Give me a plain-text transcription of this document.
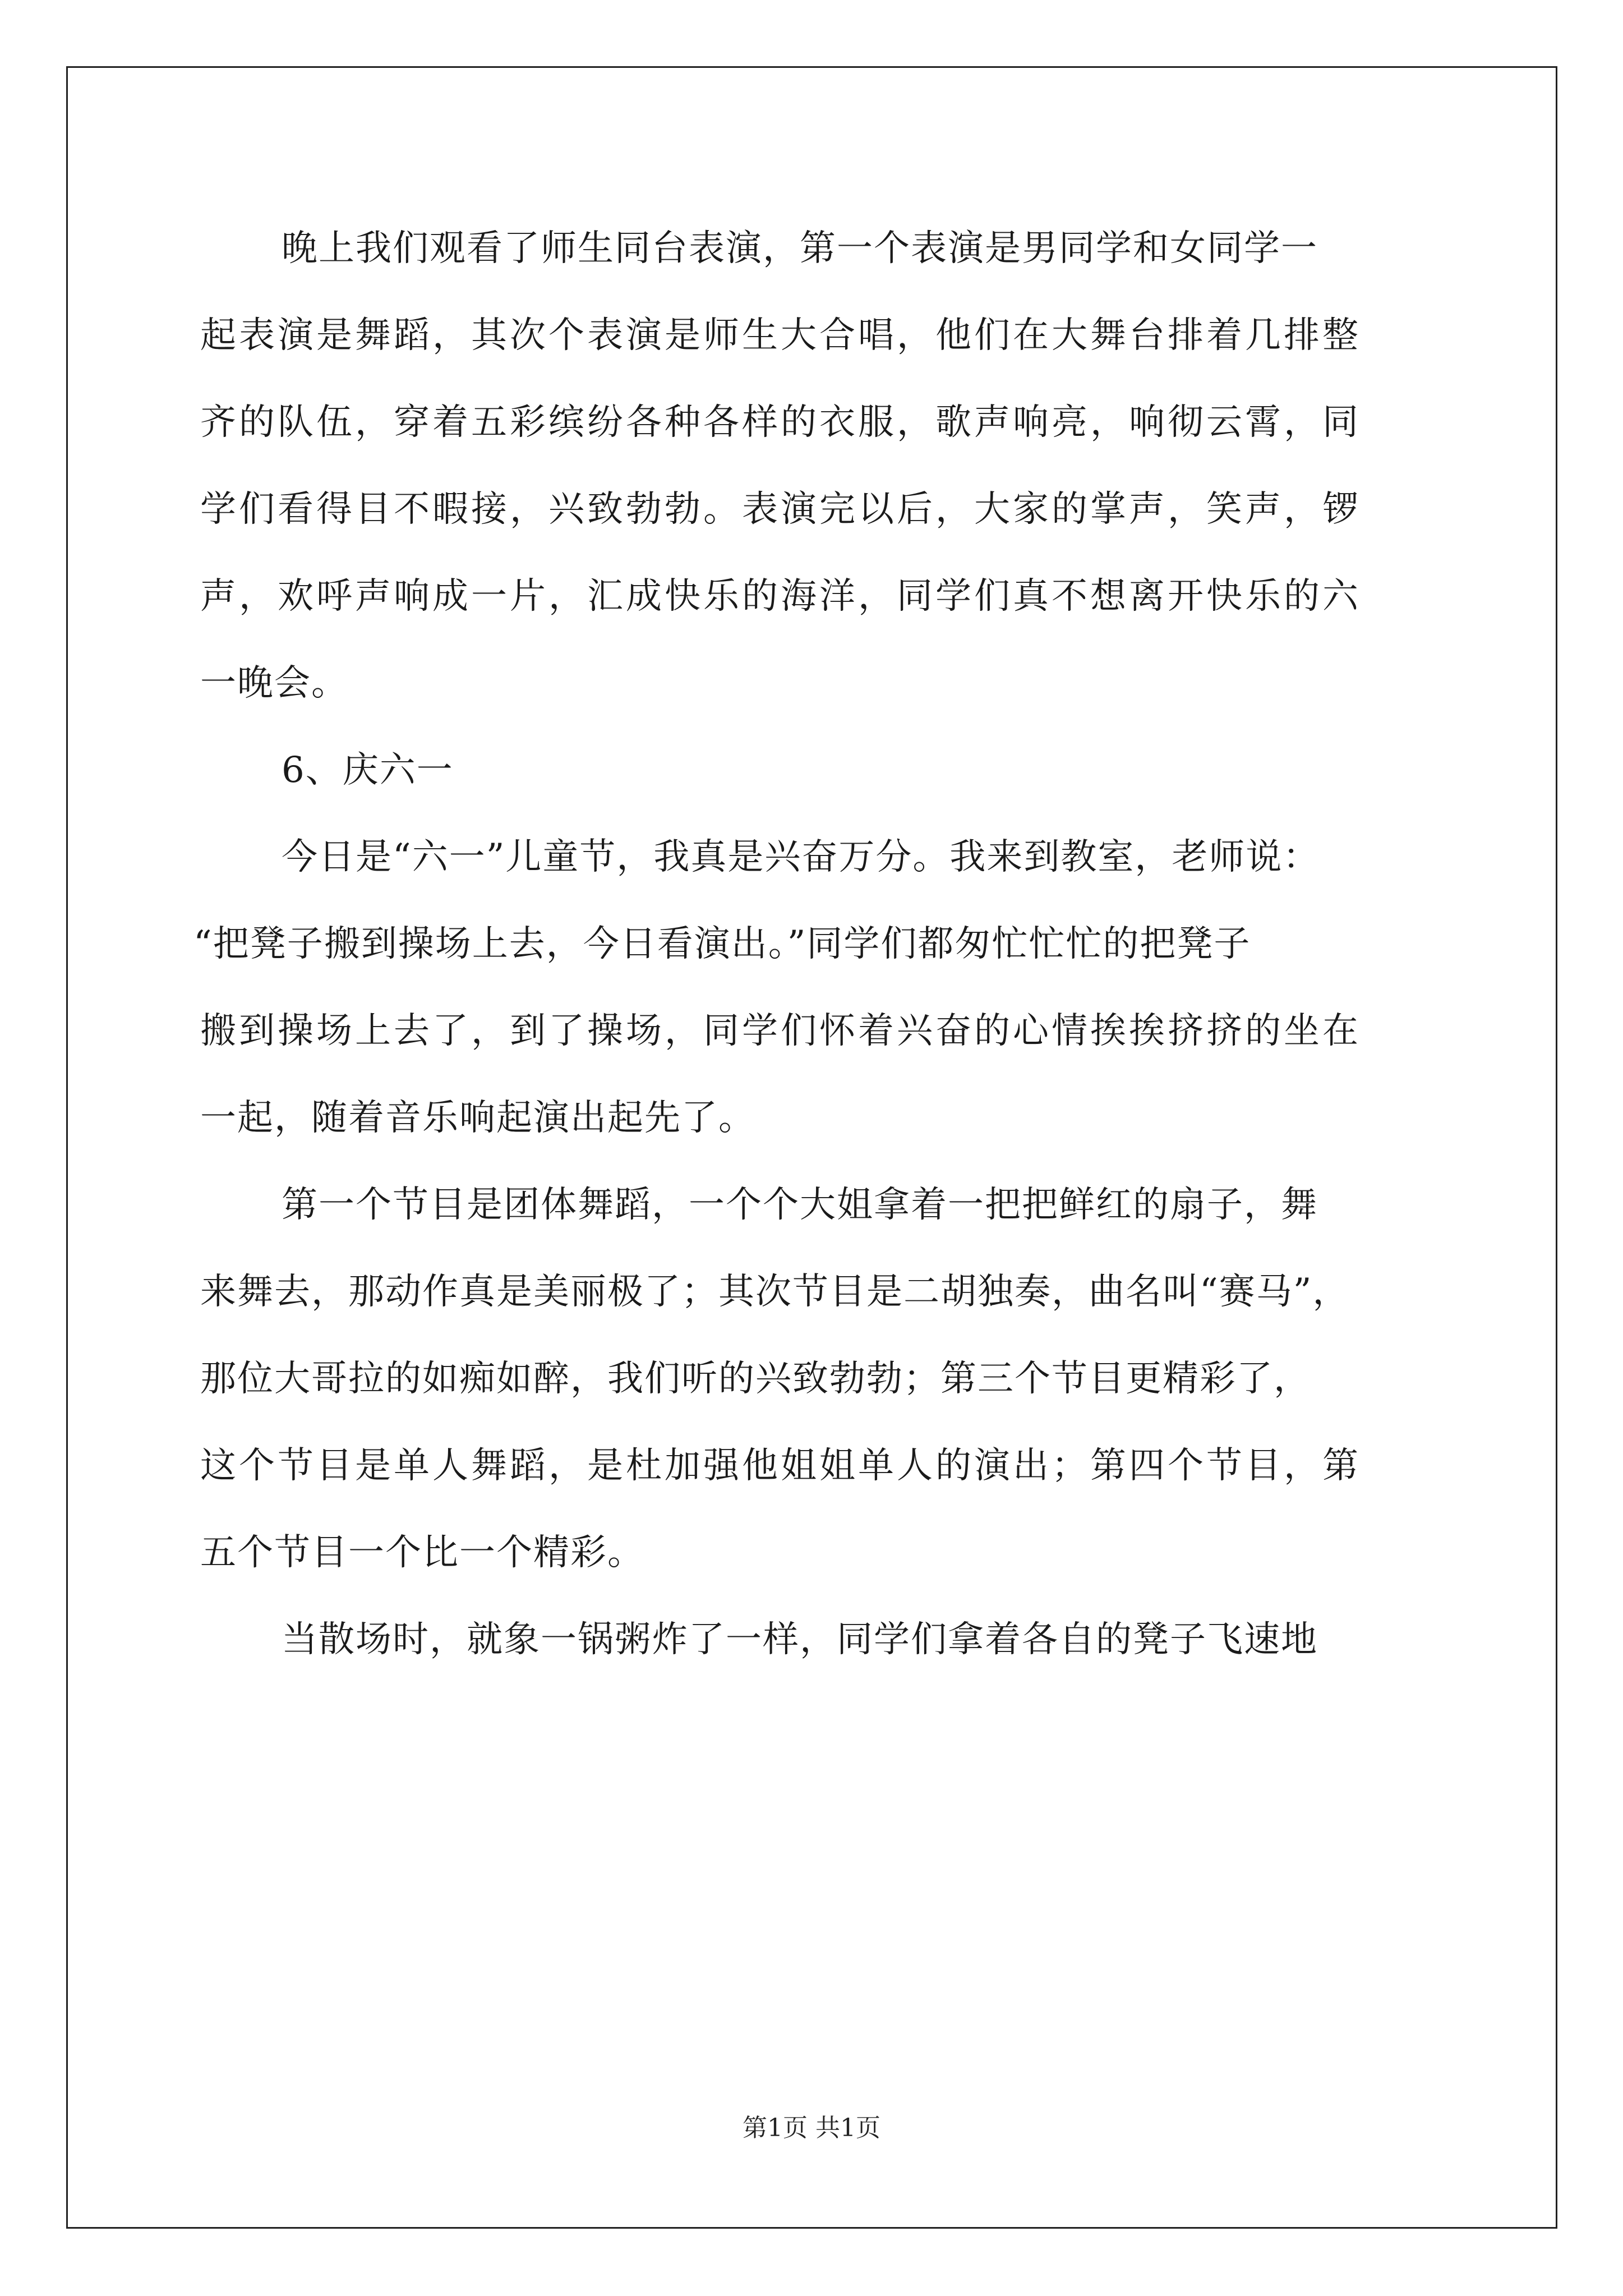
晚上我们观看了师生同台表演，第一个表演是男同学和女同学一
起表演是舞蹈，其次个表演是师生大合唱，他们在大舞台排着几排整
齐的队伍，穿着五彩缤纷各种各样的衣服，歌声响亮，响彻云霄，同
学们看得目不暇接，兴致勃勃。表演完以后，大家的掌声，笑声，锣
声，欢呼声响成一片，汇成快乐的海洋，同学们真不想离开快乐的六
一晚会。
6、庆六一
今日是“六一”儿童节，我真是兴奋万分。我来到教室，老师说：
“把凳子搬到操场上去，今日看演出。”同学们都匆忙忙忙的把凳子
搬到操场上去了，到了操场，同学们怀着兴奋的心情挨挨挤挤的坐在
一起，随着音乐响起演出起先了。
第一个节目是团体舞蹈，一个个大姐拿着一把把鲜红的扇子，舞
来舞去，那动作真是美丽极了；其次节目是二胡独奏，曲名叫“赛马”，
那位大哥拉的如痴如醉，我们听的兴致勃勃；第三个节目更精彩了，
这个节目是单人舞蹈，是杜加强他姐姐单人的演出；第四个节目，第
五个节目一个比一个精彩。
当散场时，就象一锅粥炸了一样，同学们拿着各自的凳子飞速地
第1页 共1页
